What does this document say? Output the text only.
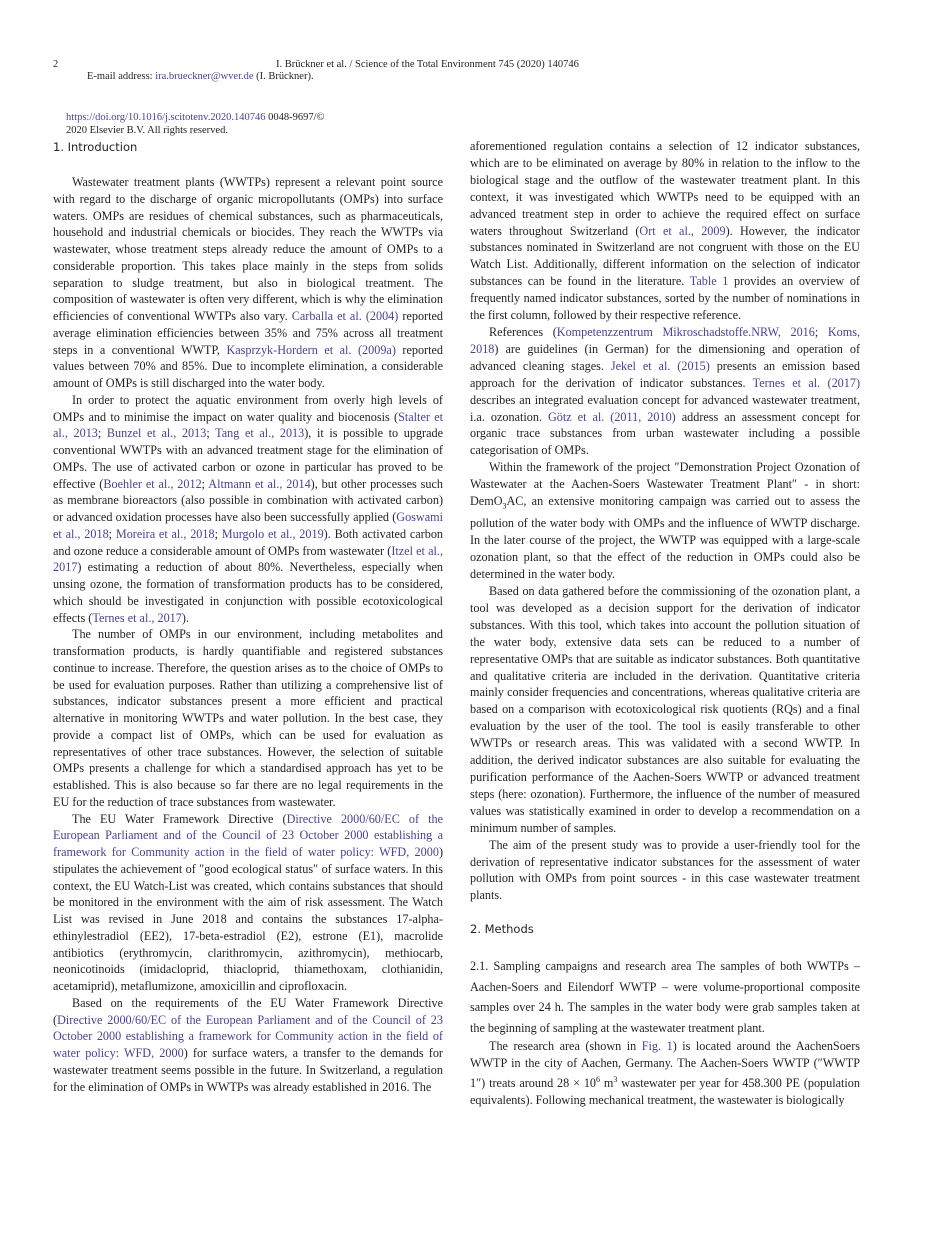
2	I. Brückner et al. / Science of the Total Environment 745 (2020) 140746
E-mail address: ira.brueckner@wver.de (I. Brückner).
https://doi.org/10.1016/j.scitotenv.2020.140746 0048-9697/©
2020 Elsevier B.V. All rights reserved.
1. Introduction

Wastewater treatment plants (WWTPs) represent a relevant point source with regard to the discharge of organic micropollutants (OMPs) into surface waters. OMPs are residues of chemical substances, such as pharmaceuticals, household and industrial chemicals or biocides. They reach the WWTPs via wastewater, whose treatment steps already reduce the amount of OMPs to a considerable proportion. This takes place mainly in the steps from solids separation to sludge treatment, but also in biological treatment. The composition of wastewater is often very different, which is why the elimination efficiencies of conventional WWTPs also vary. Carballa et al. (2004) reported average elimination efficiencies between 35% and 75% across all treatment steps in a conventional WWTP, Kasprzyk-Hordern et al. (2009a) reported values between 70% and 85%. Due to incomplete elimination, a considerable amount of OMPs is still discharged into the water body.

In order to protect the aquatic environment from overly high levels of OMPs and to minimise the impact on water quality and biocenosis (Stalter et al., 2013; Bunzel et al., 2013; Tang et al., 2013), it is possible to upgrade conventional WWTPs with an advanced treatment stage for the elimination of OMPs. The use of activated carbon or ozone in particular has proved to be effective (Boehler et al., 2012; Altmann et al., 2014), but other processes such as membrane bioreactors (also possible in combination with activated carbon) or advanced oxidation processes have also been successfully applied (Goswami et al., 2018; Moreira et al., 2018; Murgolo et al., 2019). Both activated carbon and ozone reduce a considerable amount of OMPs from wastewater (Itzel et al., 2017) estimating a reduction of about 80%. Nevertheless, especially when unsing ozone, the formation of transformation products has to be considered, which should be investigated in conjunction with possible ecotoxicological effects (Ternes et al., 2017).

The number of OMPs in our environment, including metabolites and transformation products, is hardly quantifiable and registered substances continue to increase. Therefore, the question arises as to the choice of OMPs to be used for evaluation purposes. Rather than utilizing a comprehensive list of substances, indicator substances present a more efficient and practical alternative in monitoring WWTPs and water pollution. In the best case, they provide a compact list of OMPs, which can be used for evaluation as representatives of other trace substances. However, the selection of suitable OMPs presents a challenge for which a standardised approach has yet to be established. This is also because so far there are no legal requirements in the EU for the reduction of trace substances from wastewater.

The EU Water Framework Directive (Directive 2000/60/EC of the European Parliament and of the Council of 23 October 2000 establishing a framework for Community action in the field of water policy: WFD, 2000) stipulates the achievement of ″good ecological status″ of surface waters. In this context, the EU Watch-List was created, which contains substances that should be monitored in the environment with the aim of risk assessment. The Watch List was revised in June 2018 and contains the substances 17-alpha-ethinylestradiol (EE2), 17-beta-estradiol (E2), estrone (E1), macrolide antibiotics (erythromycin, clarithromycin, azithromycin), methiocarb, neonicotinoids (imidacloprid, thiacloprid, thiamethoxam, clothianidin, acetamiprid), metaflumizone, amoxicillin and ciprofloxacin.

Based on the requirements of the EU Water Framework Directive (Directive 2000/60/EC of the European Parliament and of the Council of 23 October 2000 establishing a framework for Community action in the field of water policy: WFD, 2000) for surface waters, a transfer to the demands for wastewater treatment seems possible in the future. In Switzerland, a regulation for the elimination of OMPs in WWTPs was already established in 2016. The

aforementioned regulation contains a selection of 12 indicator substances, which are to be eliminated on average by 80% in relation to the inflow to the biological stage and the outflow of the wastewater treatment plant. In this context, it was investigated which WWTPs need to be equipped with an advanced treatment step in order to achieve the required effect on surface waters throughout Switzerland (Ort et al., 2009). However, the indicator substances nominated in Switzerland are not congruent with those on the EU Watch List. Additionally, different information on the selection of indicator substances can be found in the literature. Table 1 provides an overview of frequently named indicator substances, sorted by the number of nominations in the first column, followed by their respective reference.

References (Kompetenzzentrum Mikroschadstoffe.NRW, 2016; Koms, 2018) are guidelines (in German) for the dimensioning and operation of advanced cleaning stages. Jekel et al. (2015) presents an emission based approach for the derivation of indicator substances. Ternes et al. (2017) describes an integrated evaluation concept for advanced wastewater treatment, i.a. ozonation. Götz et al. (2011, 2010) address an assessment concept for organic trace substances from urban wastewater including a possible categorisation of OMPs.

Within the framework of the project ″Demonstration Project Ozonation of Wastewater at the Aachen-Soers Wastewater Treatment Plant″ - in short: DemO$_3$AC, an extensive monitoring campaign was carried out to assess the pollution of the water body with OMPs and the influence of WWTP discharge. In the later course of the project, the WWTP was equipped with a large-scale ozonation plant, so that the effect of the reduction in OMPs could also be determined in the water body.

Based on data gathered before the commissioning of the ozonation plant, a tool was developed as a decision support for the derivation of indicator substances. With this tool, which takes into account the pollution situation of the water body, extensive data sets can be reduced to a number of representative OMPs that are suitable as indicator substances. Both quantitative and qualitative criteria are included in the derivation. Quantitative criteria mainly consider frequencies and concentrations, whereas qualitative criteria are based on a comparison with ecotoxicological risk quotients (RQs) and a final evaluation by the user of the tool. The tool is easily transferable to other WWTPs or research areas. This was validated with a second WWTP. In addition, the derived indicator substances are also suitable for evaluating the purification performance of the Aachen-Soers WWTP or advanced treatment steps (here: ozonation). Furthermore, the influence of the number of measured values was statistically examined in order to develop a recommendation on a minimum number of samples.

The aim of the present study was to provide a user-friendly tool for the derivation of representative indicator substances for the assessment of water pollution with OMPs from point sources - in this case wastewater treatment plants.

2. Methods

2.1. Sampling campaigns and research area The samples of both WWTPs – Aachen-Soers and Eilendorf WWTP – were volume-proportional composite samples over 24 h. The samples in the water body were grab samples taken at the beginning of sampling at the wastewater treatment plant.

The research area (shown in Fig. 1) is located around the AachenSoers WWTP in the city of Aachen, Germany. The Aachen-Soers WWTP (″WWTP 1″) treats around $28 \times 10^6$ $m^3$ wastewater per year for 458.300 PE (population equivalents). Following mechanical treatment, the wastewater is biologically
